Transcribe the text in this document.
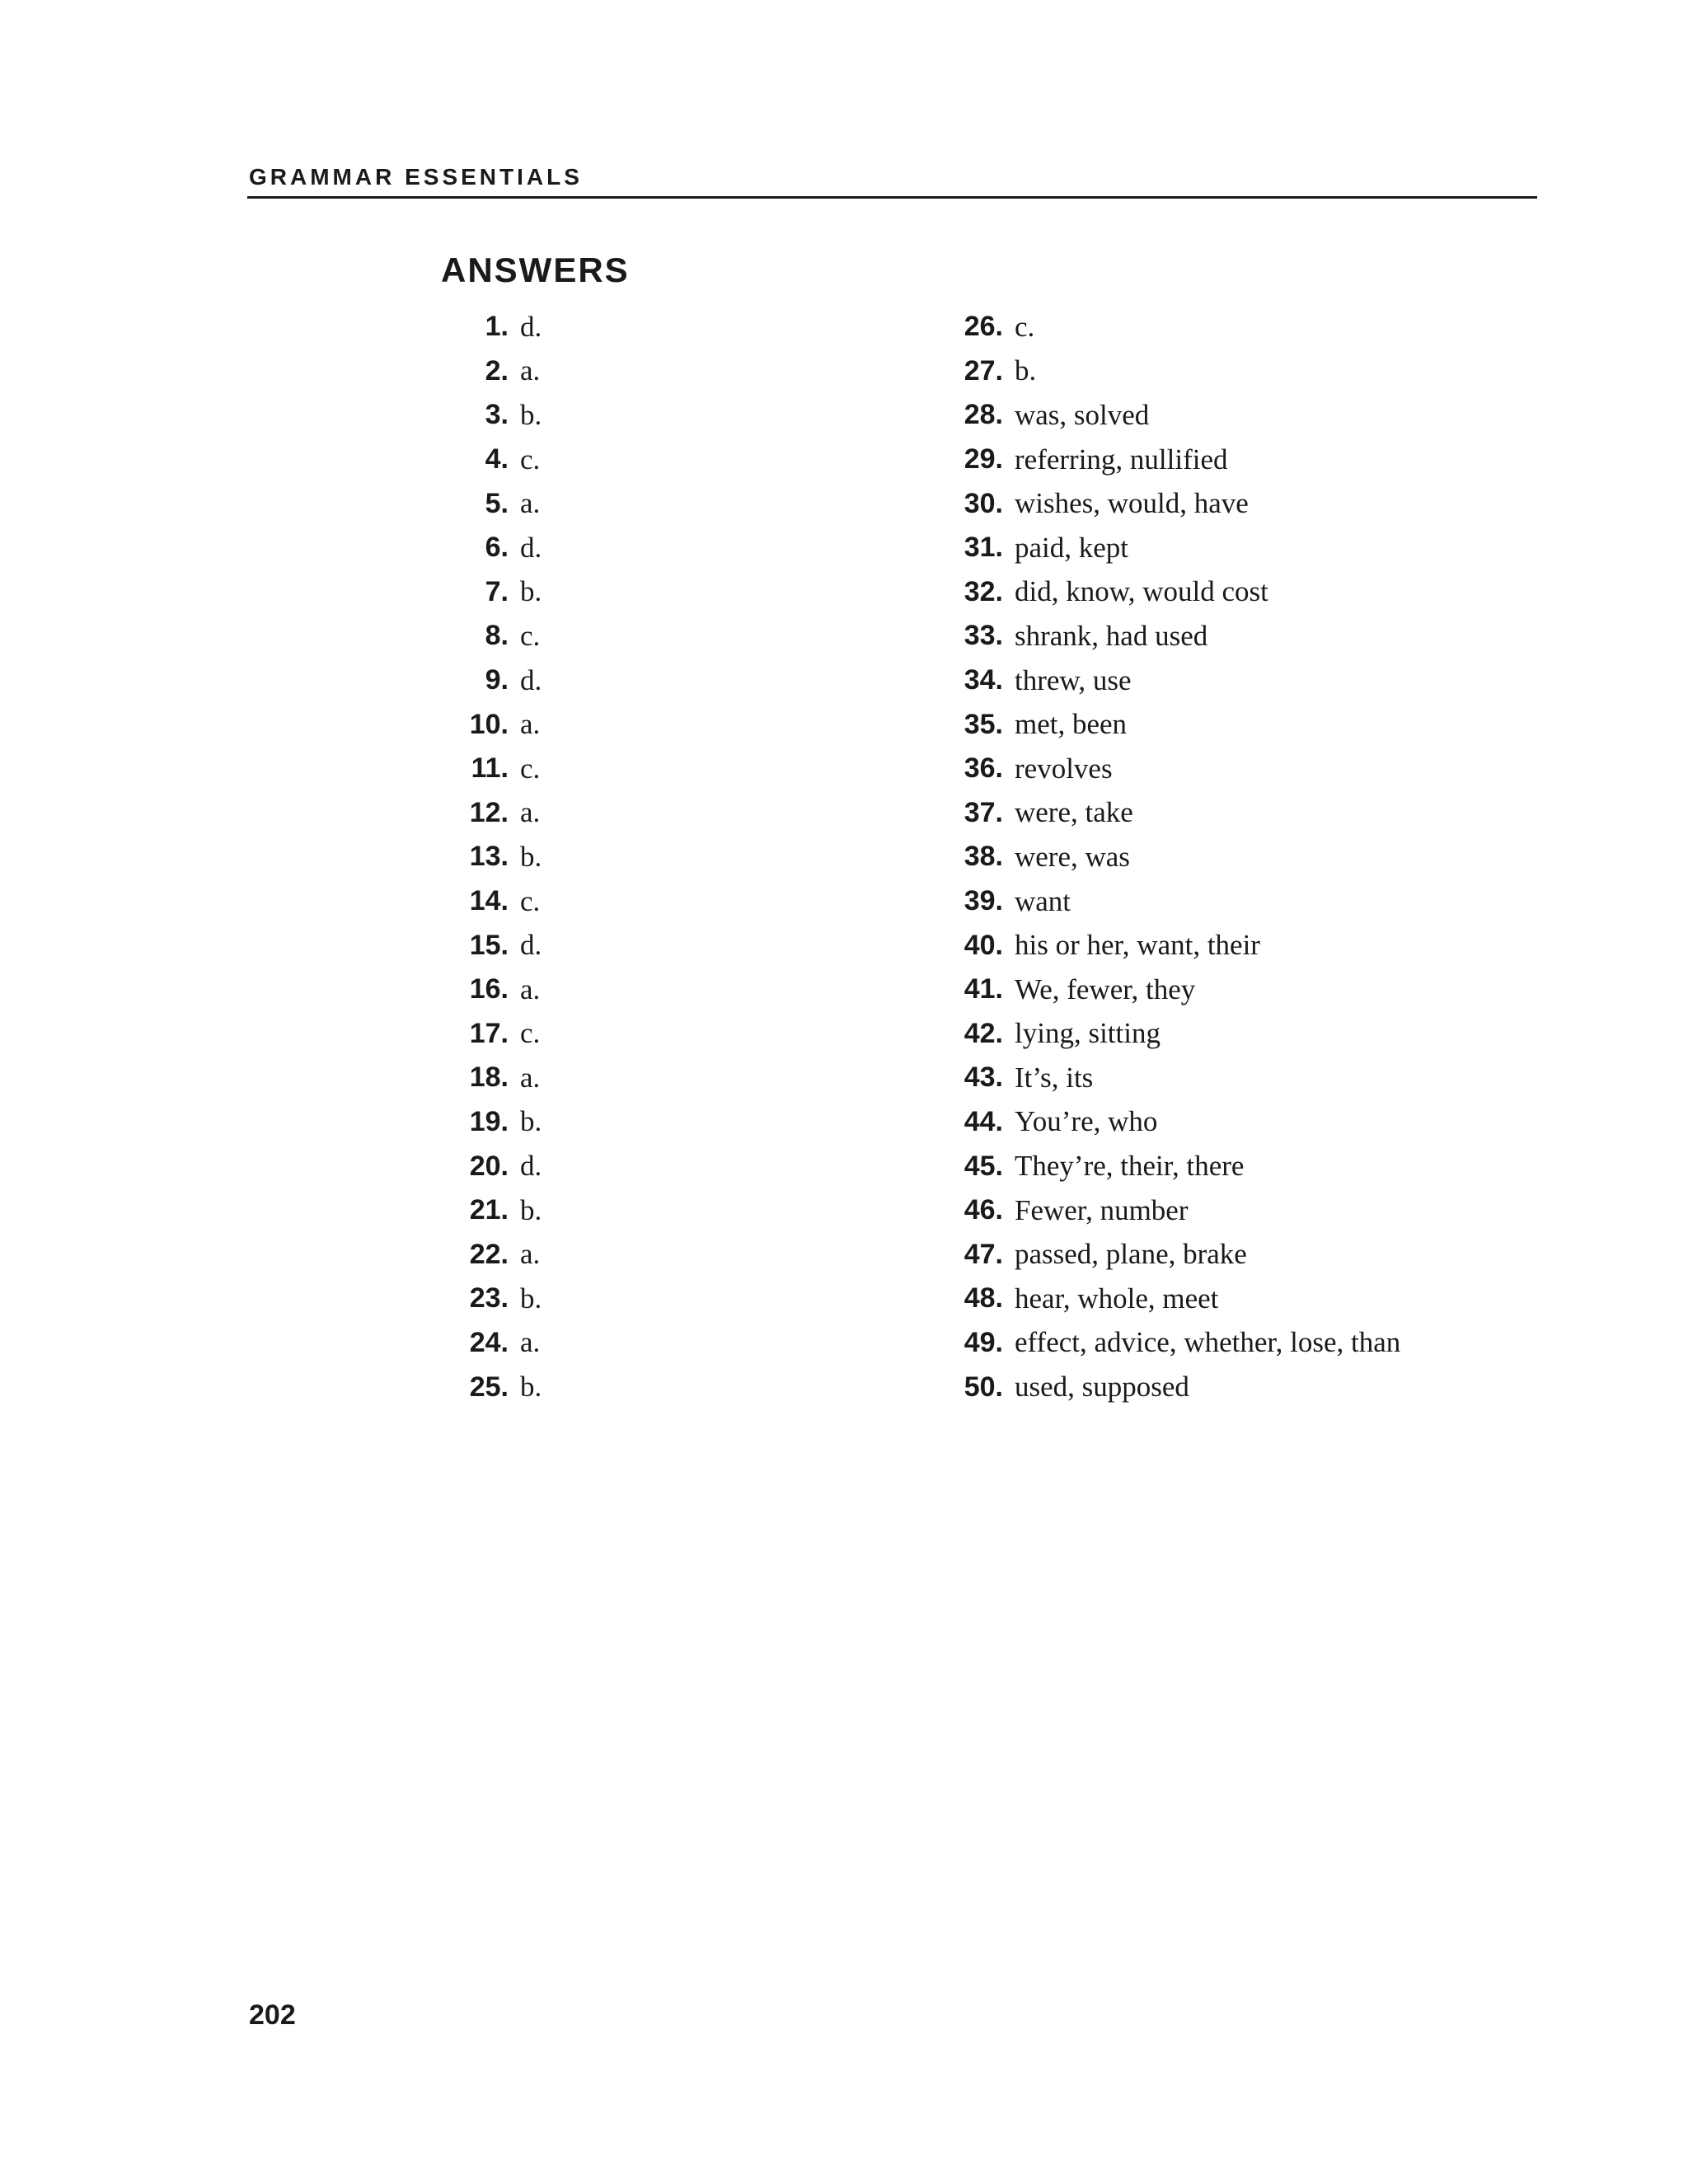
GRAMMAR ESSENTIALS
ANSWERS
1. d.
2. a.
3. b.
4. c.
5. a.
6. d.
7. b.
8. c.
9. d.
10. a.
11. c.
12. a.
13. b.
14. c.
15. d.
16. a.
17. c.
18. a.
19. b.
20. d.
21. b.
22. a.
23. b.
24. a.
25. b.
26. c.
27. b.
28. was, solved
29. referring, nullified
30. wishes, would, have
31. paid, kept
32. did, know, would cost
33. shrank, had used
34. threw, use
35. met, been
36. revolves
37. were, take
38. were, was
39. want
40. his or her, want, their
41. We, fewer, they
42. lying, sitting
43. It’s, its
44. You’re, who
45. They’re, their, there
46. Fewer, number
47. passed, plane, brake
48. hear, whole, meet
49. effect, advice, whether, lose, than
50. used, supposed
202
